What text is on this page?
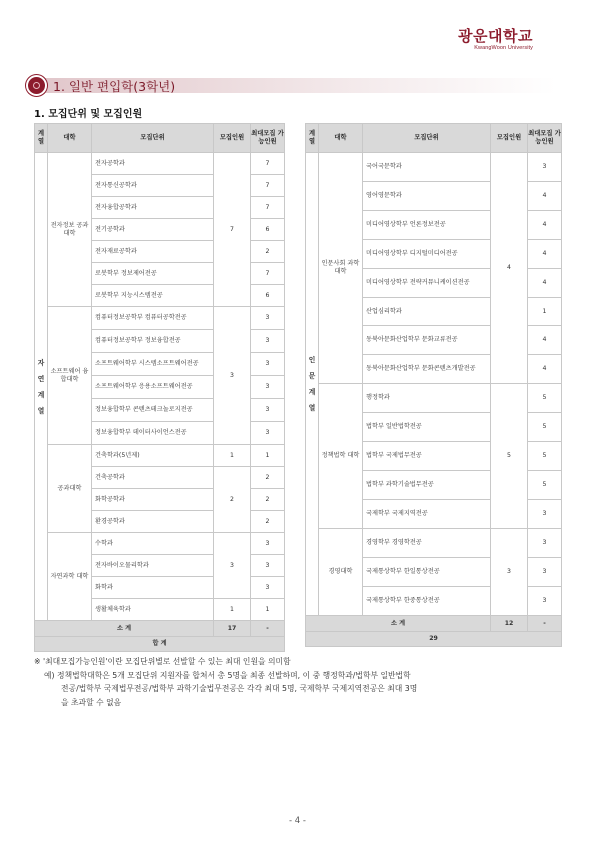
광운대학교
KwangWoon University
1. 일반 편입학(3학년)
1. 모집단위 및 모집인원
계 열	대학	모집단위	모집인원	최대모집 가능인원

자
연
계
열	전자정보 공과대학	전자공학과	7	7
		전자통신공학과		7
		전자융합공학과		7
		전기공학과		6
		전자재료공학과		2
		로봇학부 정보제어전공		7
		로봇학부 지능시스템전공		6
	소프트웨어 융합대학	컴퓨터정보공학부 컴퓨터공학전공	3	3
		컴퓨터정보공학부 정보융합전공		3
		소프트웨어학부 시스템소프트웨어전공		3
		소프트웨어학부 응용소프트웨어전공		3
		정보융합학부 콘텐츠테크놀로지전공		3
		정보융합학부 데이터사이언스전공		3
	공과대학	건축학과(5년제)	1	1
		건축공학과	2	2
		화학공학과		2
		환경공학과		2
	자연과학 대학	수학과	3	3
		전자바이오물리학과		3
		화학과		3
		생활체육학과	1	1
소 계			17	-
합 계				
계 열	대학	모집단위	모집인원	최대모집 가능인원

인
문
계
열	인문사회 과학대학	국어국문학과	4	3
		영어영문학과		4
		미디어영상학부 언론정보전공		4
		미디어영상학부 디지털미디어전공		4
		미디어영상학부 전략커뮤니케이션전공		4
		산업심리학과		1
		동북아문화산업학부 문화교류전공		4
		동북아문화산업학부 문화콘텐츠개발전공		4
	정책법학 대학	행정학과	5	5
		법학부 일반법학전공		5
		법학부 국제법무전공		5
		법학부 과학기술법무전공		5
		국제학부 국제지역전공		3
	경영대학	경영학부 경영학전공	3	3
		국제통상학부 한일통상전공		3
		국제통상학부 한중통상전공		3
소 계			12	-
29				
※ '최대모집가능인원'이란 모집단위별로 선발할 수 있는 최대 인원을 의미함
예) 정책법학대학은 5개 모집단위 지원자를 합쳐서 총 5명을 최종 선발하며, 이 중 행정학과/법학부 일반법학
전공/법학부 국제법무전공/법학부 과학기술법무전공은 각각 최대 5명, 국제학부 국제지역전공은 최대 3명
을 초과할 수 없음
- 4 -
